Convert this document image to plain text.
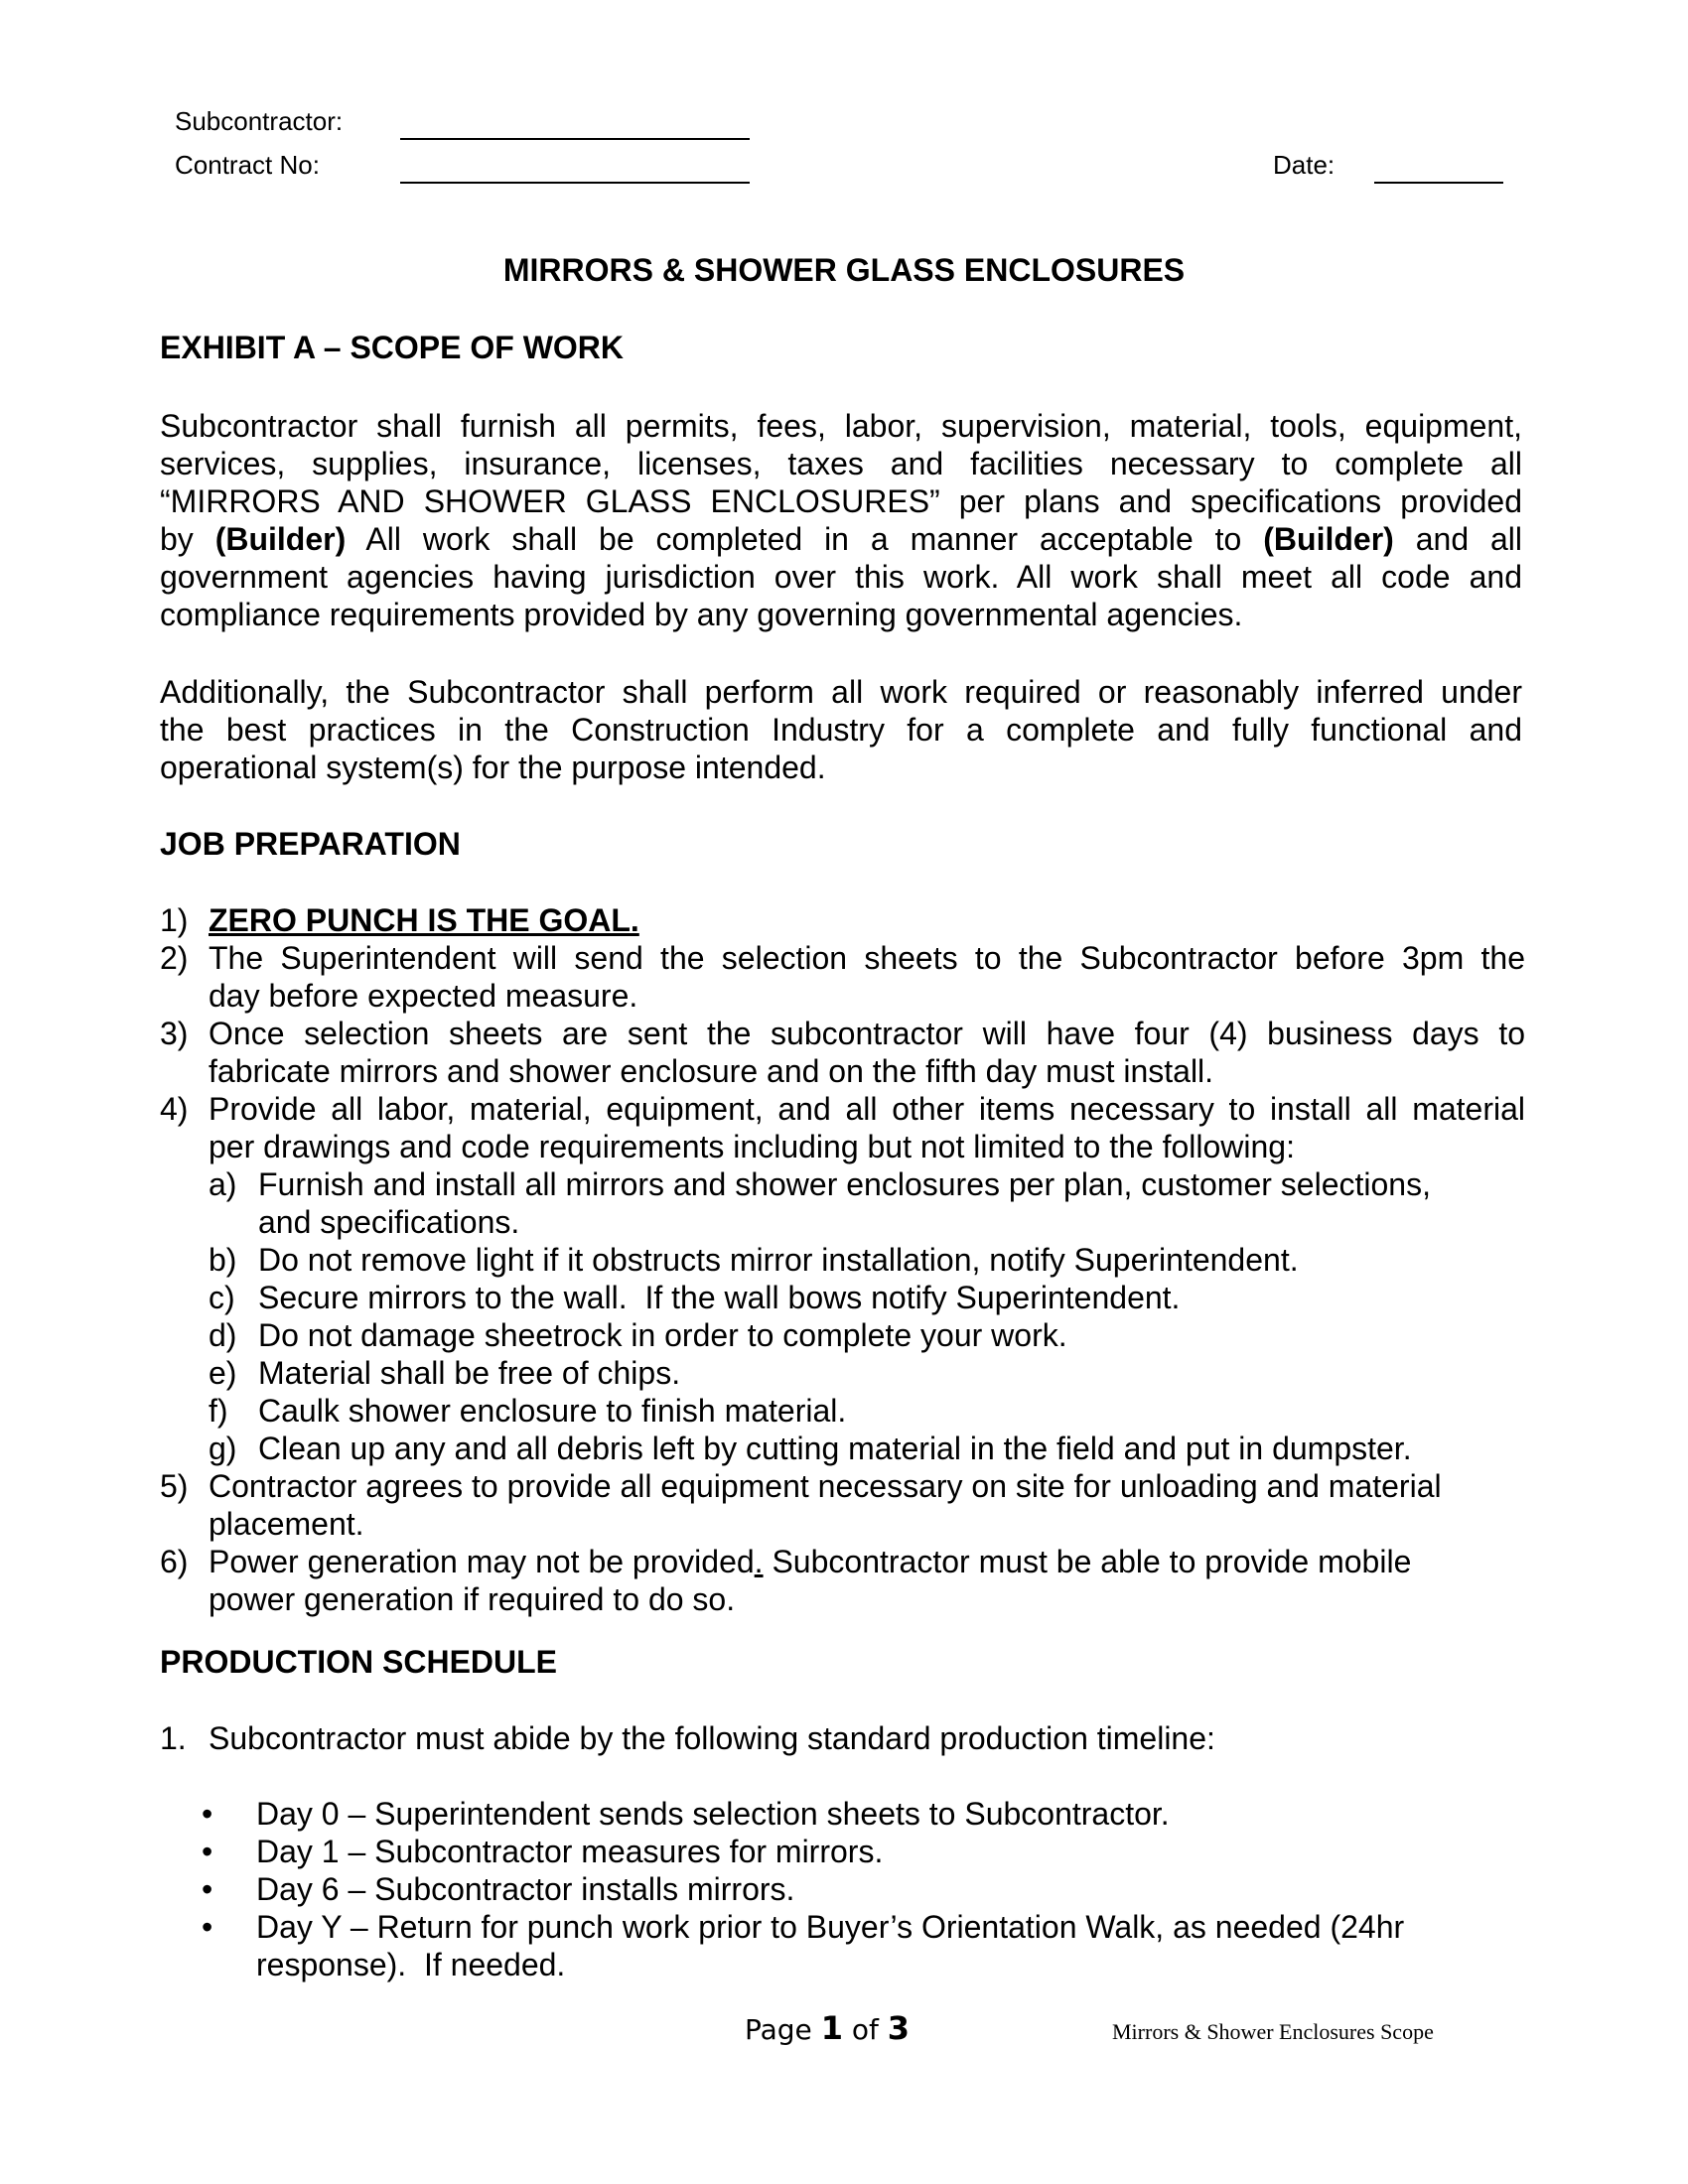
Subcontractor:
Contract No:	Date:
MIRRORS & SHOWER GLASS ENCLOSURES
EXHIBIT A – SCOPE OF WORK
Subcontractor shall furnish all permits, fees, labor, supervision, material, tools, equipment,
services, supplies, insurance, licenses, taxes and facilities necessary to complete all
“MIRRORS AND SHOWER GLASS ENCLOSURES” per plans and specifications provided
by (Builder) All work shall be completed in a manner acceptable to (Builder) and all
government agencies having jurisdiction over this work. All work shall meet all code and
compliance requirements provided by any governing governmental agencies.
Additionally, the Subcontractor shall perform all work required or reasonably inferred under
the best practices in the Construction Industry for a complete and fully functional and
operational system(s) for the purpose intended.
JOB PREPARATION
1) ZERO PUNCH IS THE GOAL.
2) The Superintendent will send the selection sheets to the Subcontractor before 3pm the
day before expected measure.
3) Once selection sheets are sent the subcontractor will have four (4) business days to
fabricate mirrors and shower enclosure and on the fifth day must install.
4) Provide all labor, material, equipment, and all other items necessary to install all material
per drawings and code requirements including but not limited to the following:
a) Furnish and install all mirrors and shower enclosures per plan, customer selections,
and specifications.
b) Do not remove light if it obstructs mirror installation, notify Superintendent.
c) Secure mirrors to the wall.  If the wall bows notify Superintendent.
d) Do not damage sheetrock in order to complete your work.
e) Material shall be free of chips.
f) Caulk shower enclosure to finish material.
g) Clean up any and all debris left by cutting material in the field and put in dumpster.
5) Contractor agrees to provide all equipment necessary on site for unloading and material
placement.
6) Power generation may not be provided. Subcontractor must be able to provide mobile
power generation if required to do so.
PRODUCTION SCHEDULE
1. Subcontractor must abide by the following standard production timeline:
• Day 0 – Superintendent sends selection sheets to Subcontractor.
• Day 1 – Subcontractor measures for mirrors.
• Day 6 – Subcontractor installs mirrors.
• Day Y – Return for punch work prior to Buyer’s Orientation Walk, as needed (24hr
response).  If needed.
Page 1 of 3	Mirrors & Shower Enclosures Scope
